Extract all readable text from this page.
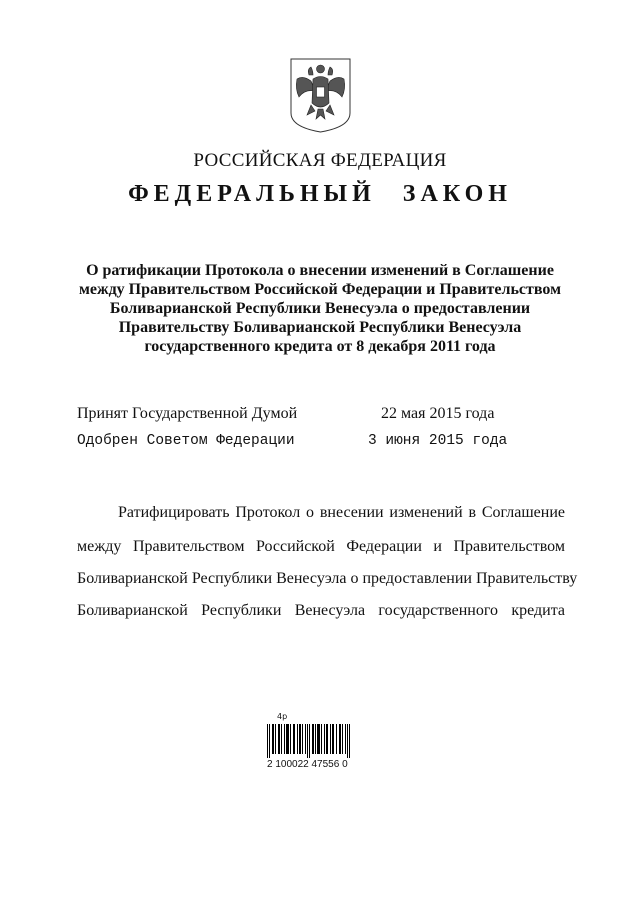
РОССИЙСКАЯ ФЕДЕРАЦИЯ
ФЕДЕРАЛЬНЫЙ ЗАКОН
О ратификации Протокола о внесении изменений в Соглашение
между Правительством Российской Федерации и Правительством
Боливарианской Республики Венесуэла о предоставлении
Правительству Боливарианской Республики Венесуэла
государственного кредита от 8 декабря 2011 года
Принят Государственной Думой	22 мая 2015 года
Одобрен Советом Федерации	3 июня 2015 года
Ратифицировать Протокол о внесении изменений в Соглашение
между Правительством Российской Федерации и Правительством
Боливарианской Республики Венесуэла о предоставлении Правительству
Боливарианской Республики Венесуэла государственного кредита
4p
2 100022 47556 0
